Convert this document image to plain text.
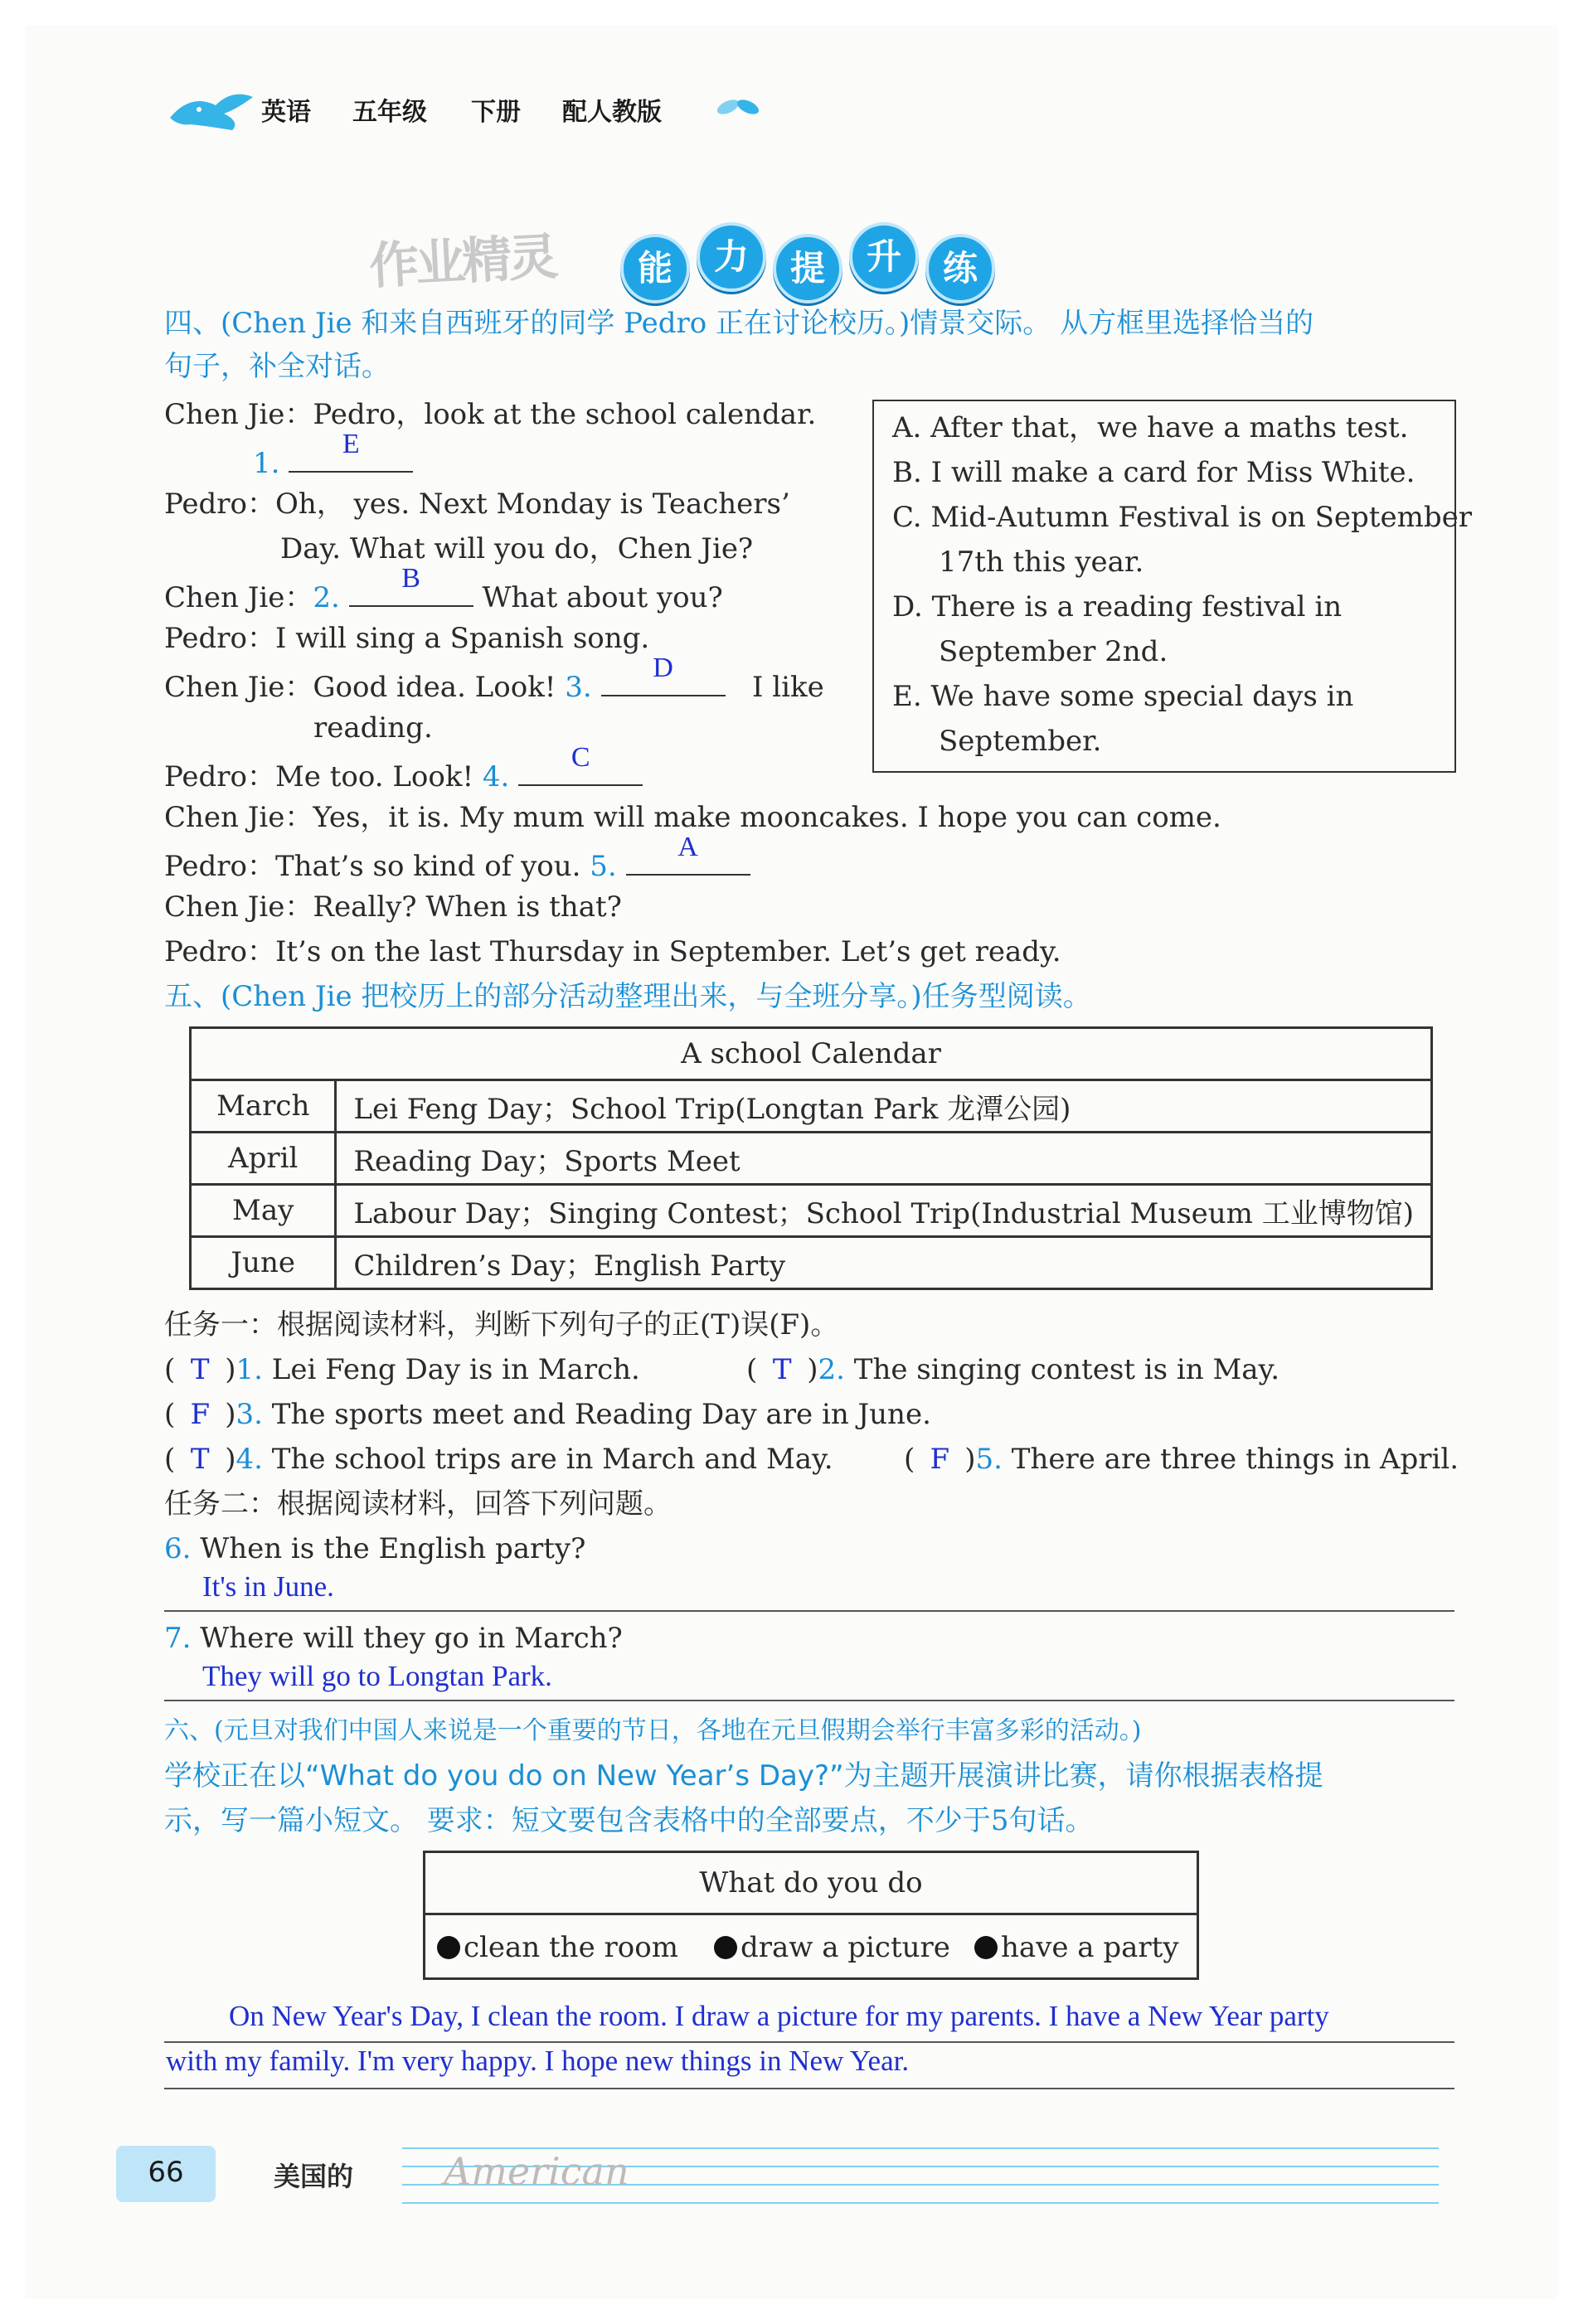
英语 五年级 下册 配人教版
作业精灵	能	力	提	升	练
四、(Chen Jie 和来自西班牙的同学 Pedro 正在讨论校历。)情景交际。 从方框里选择恰当的
句子，补全对话。
Chen Jie：Pedro，look at the school calendar.
1.
E
Pedro：Oh， yes. Next Monday is Teachers’
Day. What will you do，Chen Jie?
Chen Jie：2.
B
What about you?
Pedro：I will sing a Spanish song.
Chen Jie：Good idea. Look! 3.
D
I like
reading.
Pedro：Me too. Look! 4.
C
Chen Jie：Yes，it is. My mum will make mooncakes. I hope you can come.
Pedro：That’s so kind of you. 5.
A
Chen Jie：Really? When is that?
Pedro：It’s on the last Thursday in September. Let’s get ready.
A. After that，we have a maths test.
B. I will make a card for Miss White.
C. Mid-Autumn Festival is on September
17th this year.
D. There is a reading festival in
September 2nd.
E. We have some special days in
September.
五、(Chen Jie 把校历上的部分活动整理出来，与全班分享。)任务型阅读。
A school Calendar	
March	Lei Feng Day；School Trip(Longtan Park 龙潭公园)
April	Reading Day；Sports Meet
May	Labour Day；Singing Contest；School Trip(Industrial Museum 工业博物馆)
June	Children’s Day；English Party
任务一：根据阅读材料，判断下列句子的正(T)误(F)。
( T )1. Lei Feng Day is in March.	( T )2. The singing contest is in May.
( F )3. The sports meet and Reading Day are in June.
( T )4. The school trips are in March and May.	( F )5. There are three things in April.
任务二：根据阅读材料，回答下列问题。
6. When is the English party?
It's in June.
7. Where will they go in March?
They will go to Longtan Park.
六、(元旦对我们中国人来说是一个重要的节日，各地在元旦假期会举行丰富多彩的活动。)
学校正在以“What do you do on New Year’s Day?”为主题开展演讲比赛，请你根据表格提
示，写一篇小短文。 要求：短文要包含表格中的全部要点，不少于5句话。
What do you do
clean the room	draw a picture	have a party
On New Year's Day, I clean the room. I draw a picture for my parents. I have a New Year party
with my family. I'm very happy. I hope new things in New Year.
66	美国的 American
